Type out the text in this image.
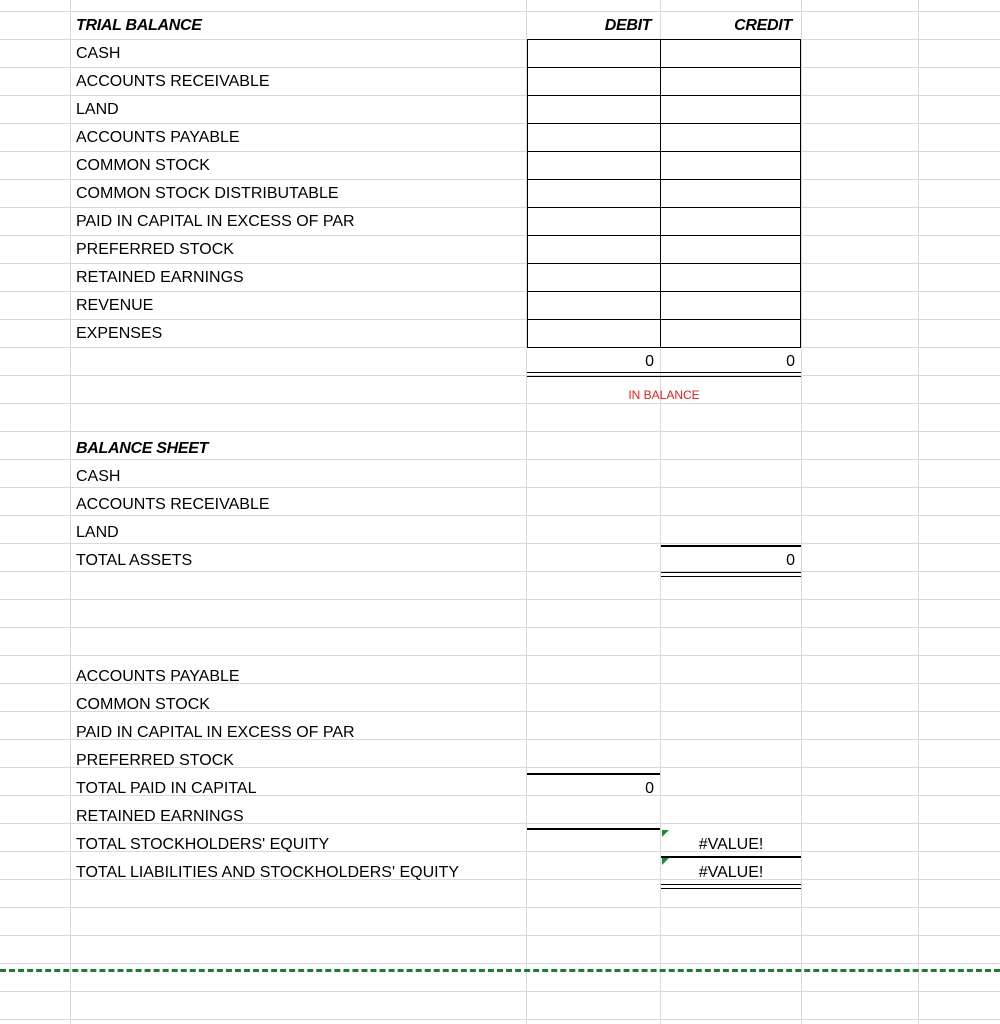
TRIAL BALANCE	DEBIT	CREDIT
CASH
ACCOUNTS RECEIVABLE
LAND
ACCOUNTS PAYABLE
COMMON STOCK
COMMON STOCK DISTRIBUTABLE
PAID IN CAPITAL IN EXCESS OF PAR
PREFERRED STOCK
RETAINED EARNINGS
REVENUE
EXPENSES
0	0
IN BALANCE
BALANCE SHEET
CASH
ACCOUNTS RECEIVABLE
LAND
TOTAL ASSETS	0
ACCOUNTS PAYABLE
COMMON STOCK
PAID IN CAPITAL IN EXCESS OF PAR
PREFERRED STOCK
TOTAL PAID IN CAPITAL	0
RETAINED EARNINGS
TOTAL STOCKHOLDERS' EQUITY	#VALUE!
TOTAL LIABILITIES AND STOCKHOLDERS' EQUITY	#VALUE!
